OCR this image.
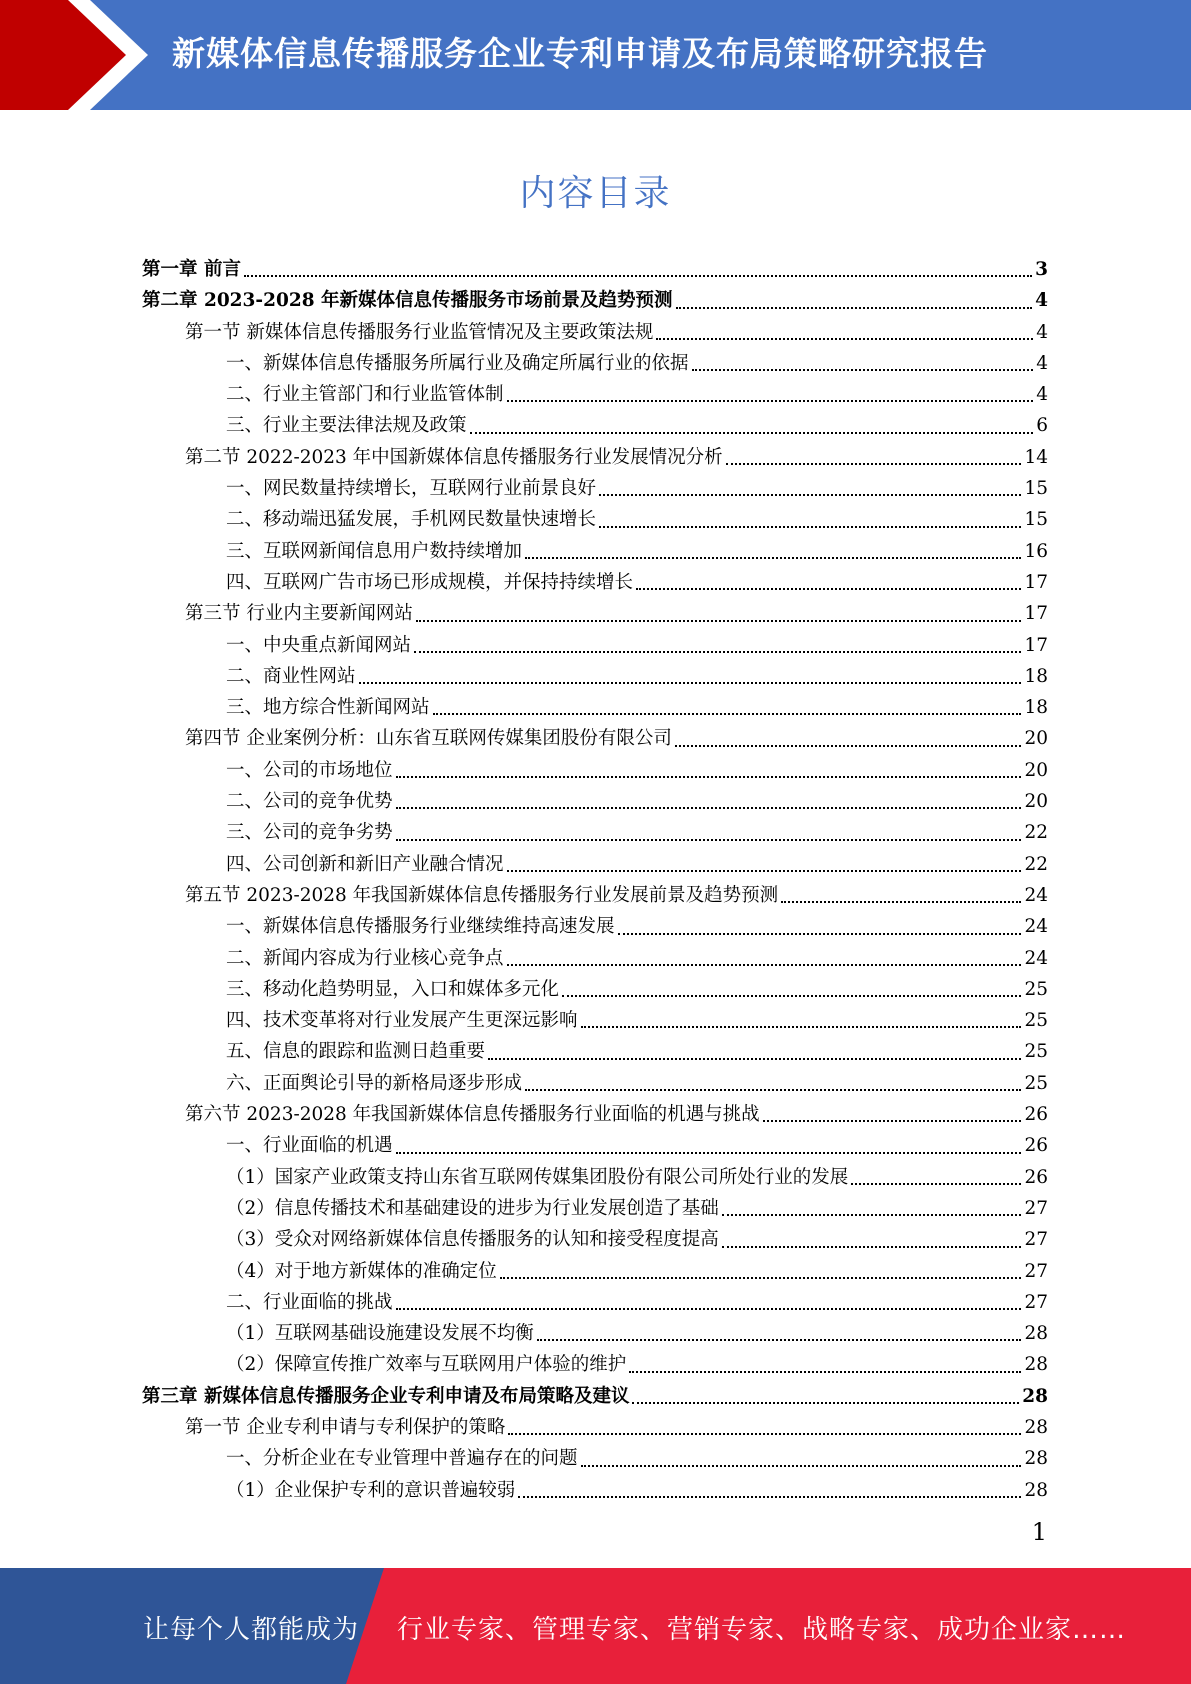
新媒体信息传播服务企业专利申请及布局策略研究报告
内容目录
第一章 前言	3
第二章 2023-2028 年新媒体信息传播服务市场前景及趋势预测	4
第一节 新媒体信息传播服务行业监管情况及主要政策法规	4
一、新媒体信息传播服务所属行业及确定所属行业的依据	4
二、行业主管部门和行业监管体制	4
三、行业主要法律法规及政策	6
第二节 2022-2023 年中国新媒体信息传播服务行业发展情况分析	14
一、网民数量持续增长，互联网行业前景良好	15
二、移动端迅猛发展，手机网民数量快速增长	15
三、互联网新闻信息用户数持续增加	16
四、互联网广告市场已形成规模，并保持持续增长	17
第三节 行业内主要新闻网站	17
一、中央重点新闻网站	17
二、商业性网站	18
三、地方综合性新闻网站	18
第四节 企业案例分析：山东省互联网传媒集团股份有限公司	20
一、公司的市场地位	20
二、公司的竞争优势	20
三、公司的竞争劣势	22
四、公司创新和新旧产业融合情况	22
第五节 2023-2028 年我国新媒体信息传播服务行业发展前景及趋势预测	24
一、新媒体信息传播服务行业继续维持高速发展	24
二、新闻内容成为行业核心竞争点	24
三、移动化趋势明显，入口和媒体多元化	25
四、技术变革将对行业发展产生更深远影响	25
五、信息的跟踪和监测日趋重要	25
六、正面舆论引导的新格局逐步形成	25
第六节 2023-2028 年我国新媒体信息传播服务行业面临的机遇与挑战	26
一、行业面临的机遇	26
（1）国家产业政策支持山东省互联网传媒集团股份有限公司所处行业的发展	26
（2）信息传播技术和基础建设的进步为行业发展创造了基础	27
（3）受众对网络新媒体信息传播服务的认知和接受程度提高	27
（4）对于地方新媒体的准确定位	27
二、行业面临的挑战	27
（1）互联网基础设施建设发展不均衡	28
（2）保障宣传推广效率与互联网用户体验的维护	28
第三章 新媒体信息传播服务企业专利申请及布局策略及建议	28
第一节 企业专利申请与专利保护的策略	28
一、分析企业在专业管理中普遍存在的问题	28
（1）企业保护专利的意识普遍较弱	28
1
让每个人都能成为 行业专家、管理专家、营销专家、战略专家、成功企业家……
